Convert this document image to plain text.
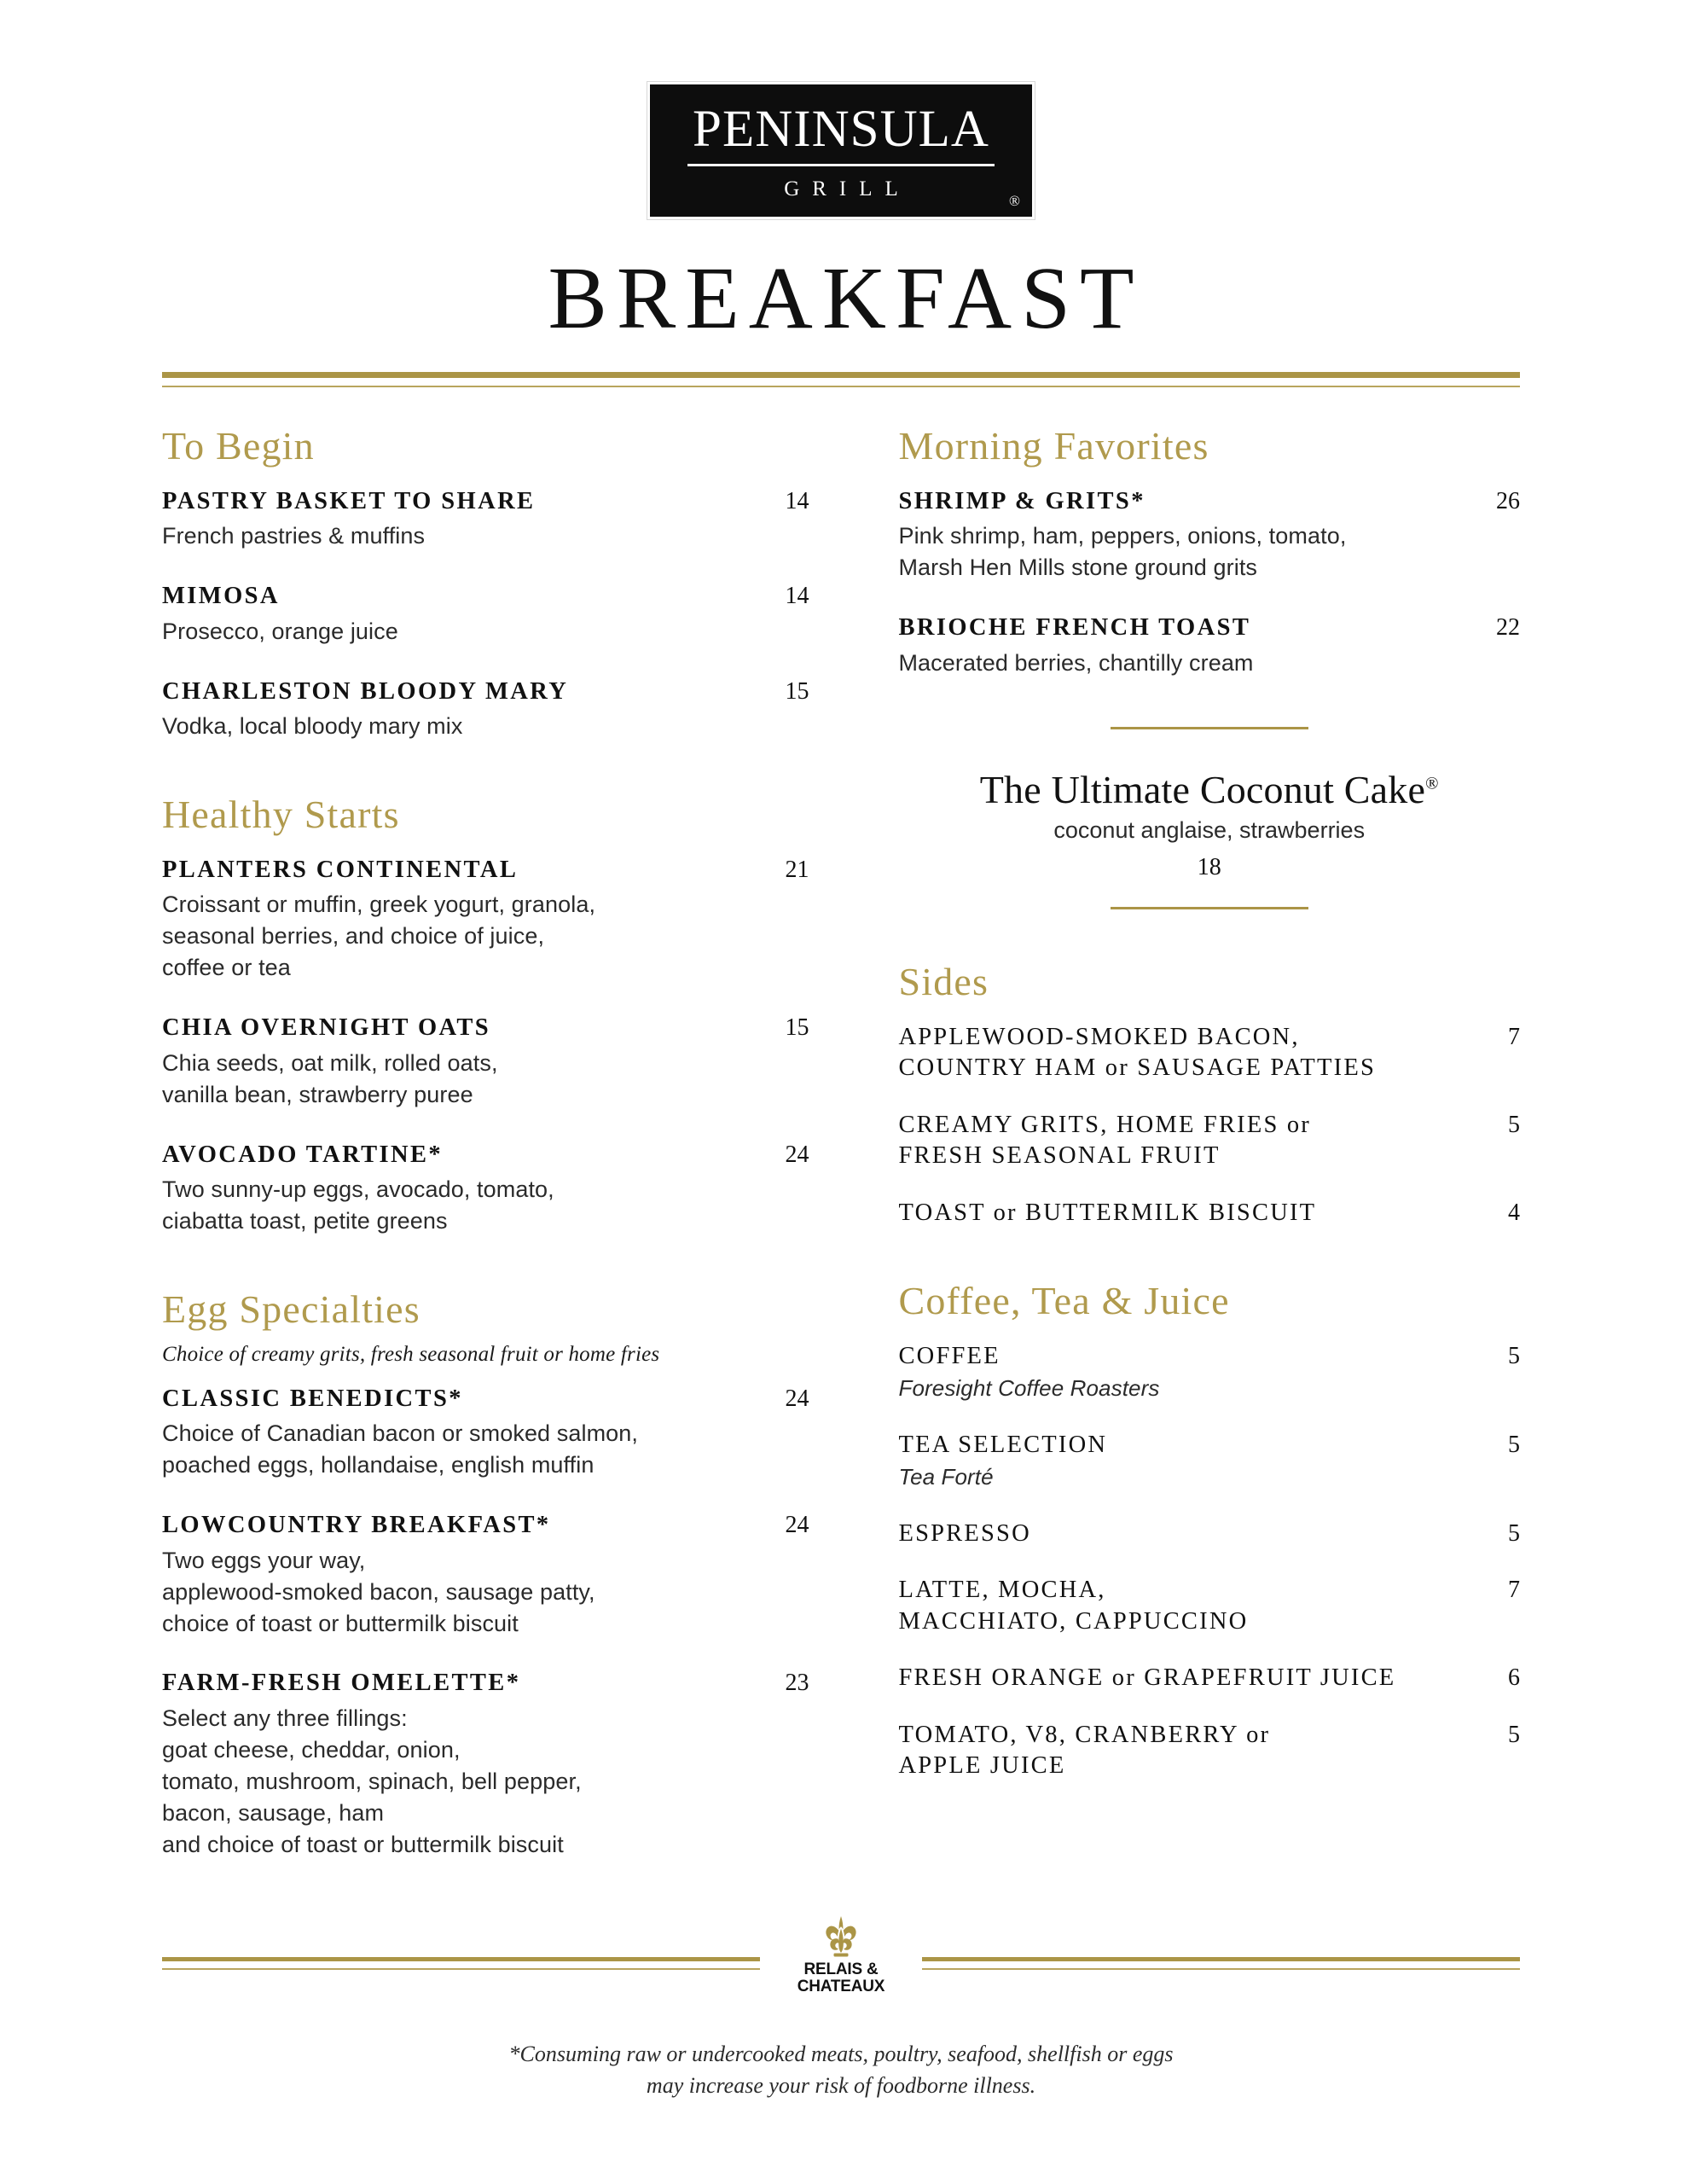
PENINSULA
GRILL
®
BREAKFAST
To Begin
PASTRY BASKET TO SHARE	14
French pastries & muffins
MIMOSA	14
Prosecco, orange juice
CHARLESTON BLOODY MARY	15
Vodka, local bloody mary mix
Healthy Starts
PLANTERS CONTINENTAL	21
Croissant or muffin, greek yogurt, granola,
seasonal berries, and choice of juice,
coffee or tea
CHIA OVERNIGHT OATS	15
Chia seeds, oat milk, rolled oats,
vanilla bean, strawberry puree
AVOCADO TARTINE*	24
Two sunny-up eggs, avocado, tomato,
ciabatta toast, petite greens
Egg Specialties
Choice of creamy grits, fresh seasonal fruit or home fries
CLASSIC BENEDICTS*	24
Choice of Canadian bacon or smoked salmon,
poached eggs, hollandaise, english muffin
LOWCOUNTRY BREAKFAST*	24
Two eggs your way,
applewood-smoked bacon, sausage patty,
choice of toast or buttermilk biscuit
FARM-FRESH OMELETTE*	23
Select any three fillings:
goat cheese, cheddar, onion,
tomato, mushroom, spinach, bell pepper,
bacon, sausage, ham
and choice of toast or buttermilk biscuit
Morning Favorites
SHRIMP & GRITS*	26
Pink shrimp, ham, peppers, onions, tomato,
Marsh Hen Mills stone ground grits
BRIOCHE FRENCH TOAST	22
Macerated berries, chantilly cream
The Ultimate Coconut Cake®
coconut anglaise, strawberries
18
Sides
APPLEWOOD-SMOKED BACON,
COUNTRY HAM or SAUSAGE PATTIES
7
CREAMY GRITS, HOME FRIES or
FRESH SEASONAL FRUIT
5
TOAST or BUTTERMILK BISCUIT	4
Coffee, Tea & Juice
COFFEE	5
Foresight Coffee Roasters
TEA SELECTION	5
Tea Forté
ESPRESSO	5
LATTE, MOCHA,
MACCHIATO, CAPPUCCINO
7
FRESH ORANGE or GRAPEFRUIT JUICE	6
TOMATO, V8, CRANBERRY or
APPLE JUICE
5
RELAIS &
CHATEAUX
*Consuming raw or undercooked meats, poultry, seafood, shellfish or eggs
may increase your risk of foodborne illness.
